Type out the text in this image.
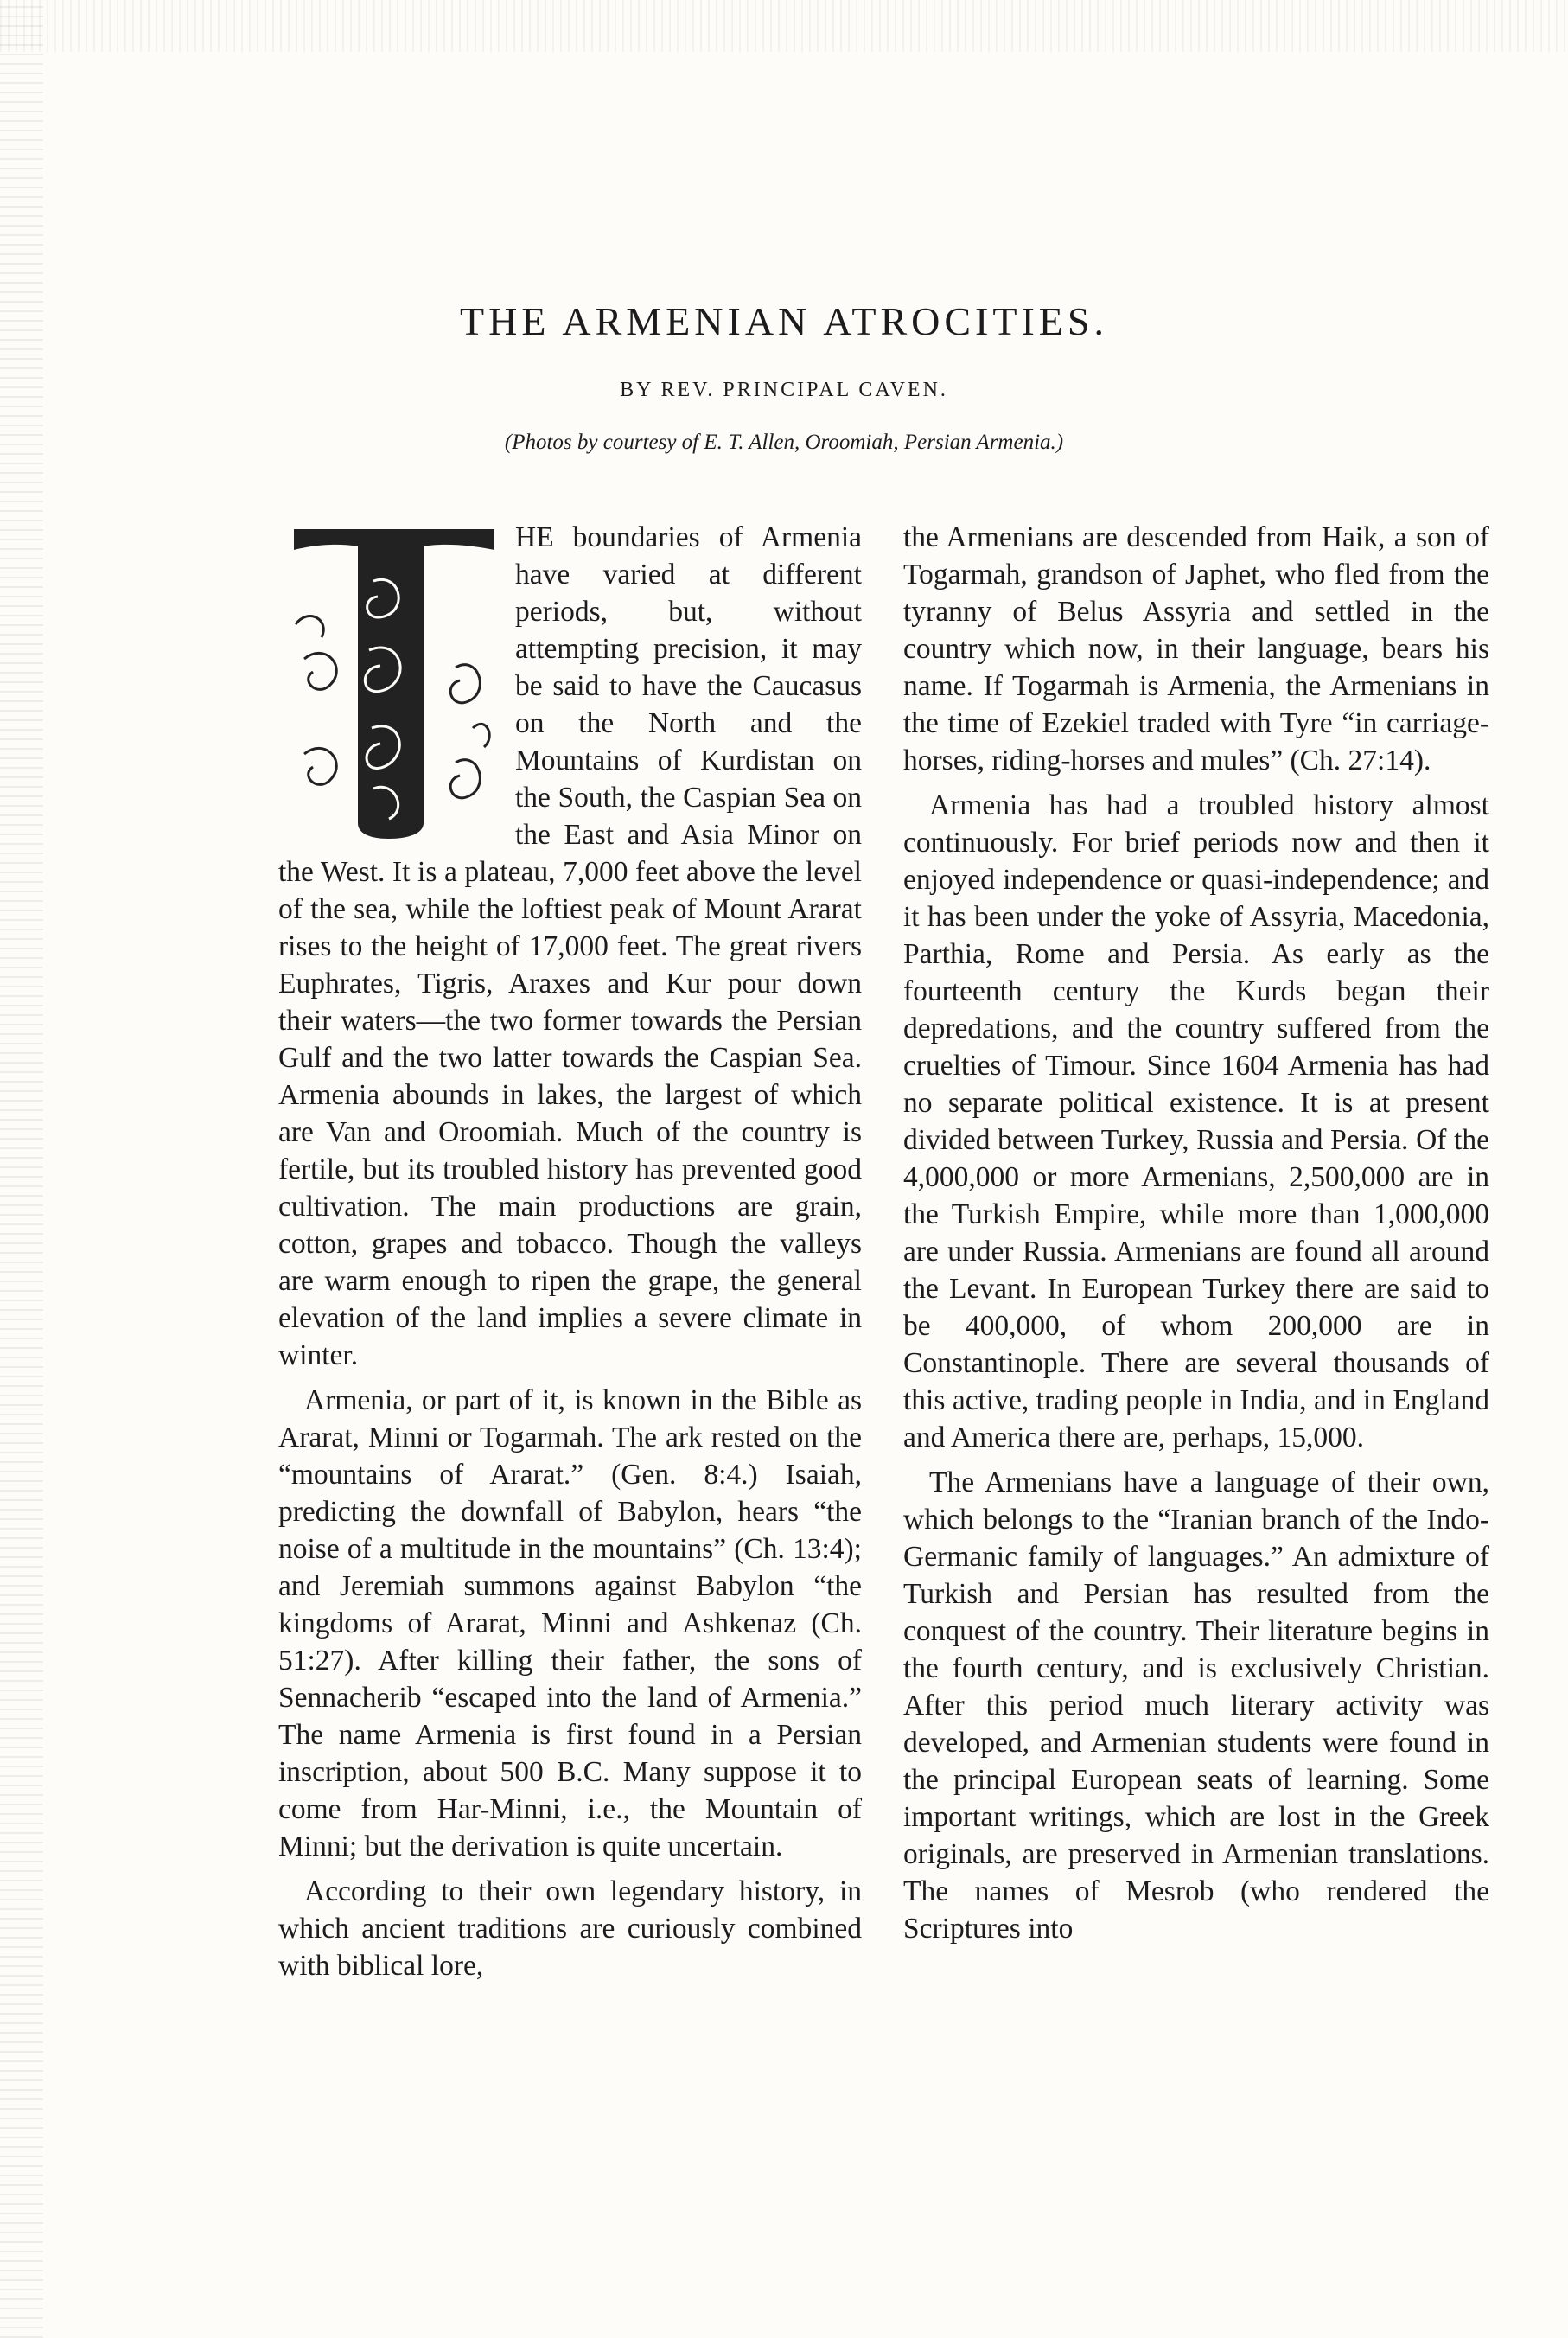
THE ARMENIAN ATROCITIES.
BY REV. PRINCIPAL CAVEN.
(Photos by courtesy of E. T. Allen, Oroomiah, Persian Armenia.)

HE boundaries of Armenia have varied at different periods, but, without attempting precision, it may be said to have the Caucasus on the North and the Mountains of Kurdistan on the South, the Caspian Sea on the East and Asia Minor on the West. It is a plateau, 7,000 feet above the level of the sea, while the loftiest peak of Mount Ararat rises to the height of 17,000 feet. The great rivers Euphrates, Tigris, Araxes and Kur pour down their waters—the two former towards the Persian Gulf and the two latter towards the Caspian Sea. Armenia abounds in lakes, the largest of which are Van and Oroomiah. Much of the country is fertile, but its troubled history has prevented good cultivation. The main productions are grain, cotton, grapes and tobacco. Though the valleys are warm enough to ripen the grape, the general elevation of the land implies a severe climate in winter.

Armenia, or part of it, is known in the Bible as Ararat, Minni or Togarmah. The ark rested on the “mountains of Ararat.” (Gen. 8:4.) Isaiah, predicting the downfall of Babylon, hears “the noise of a multitude in the mountains” (Ch. 13:4); and Jeremiah summons against Babylon “the kingdoms of Ararat, Minni and Ashkenaz (Ch. 51:27). After killing their father, the sons of Sennacherib “escaped into the land of Armenia.” The name Armenia is first found in a Persian inscription, about 500 B.C. Many suppose it to come from Har-Minni, i.e., the Mountain of Minni; but the derivation is quite uncertain.

According to their own legendary history, in which ancient traditions are curiously combined with biblical lore,

the Armenians are descended from Haik, a son of Togarmah, grandson of Japhet, who fled from the tyranny of Belus Assyria and settled in the country which now, in their language, bears his name. If Togarmah is Armenia, the Armenians in the time of Ezekiel traded with Tyre “in carriage-horses, riding-horses and mules” (Ch. 27:14).

Armenia has had a troubled history almost continuously. For brief periods now and then it enjoyed independence or quasi-independence; and it has been under the yoke of Assyria, Macedonia, Parthia, Rome and Persia. As early as the fourteenth century the Kurds began their depredations, and the country suffered from the cruelties of Timour. Since 1604 Armenia has had no separate political existence. It is at present divided between Turkey, Russia and Persia. Of the 4,000,000 or more Armenians, 2,500,000 are in the Turkish Empire, while more than 1,000,000 are under Russia. Armenians are found all around the Levant. In European Turkey there are said to be 400,000, of whom 200,000 are in Constantinople. There are several thousands of this active, trading people in India, and in England and America there are, perhaps, 15,000.

The Armenians have a language of their own, which belongs to the “Iranian branch of the Indo-Germanic family of languages.” An admixture of Turkish and Persian has resulted from the conquest of the country. Their literature begins in the fourth century, and is exclusively Christian. After this period much literary activity was developed, and Armenian students were found in the principal European seats of learning. Some important writings, which are lost in the Greek originals, are preserved in Armenian translations. The names of Mesrob (who rendered the Scriptures into
